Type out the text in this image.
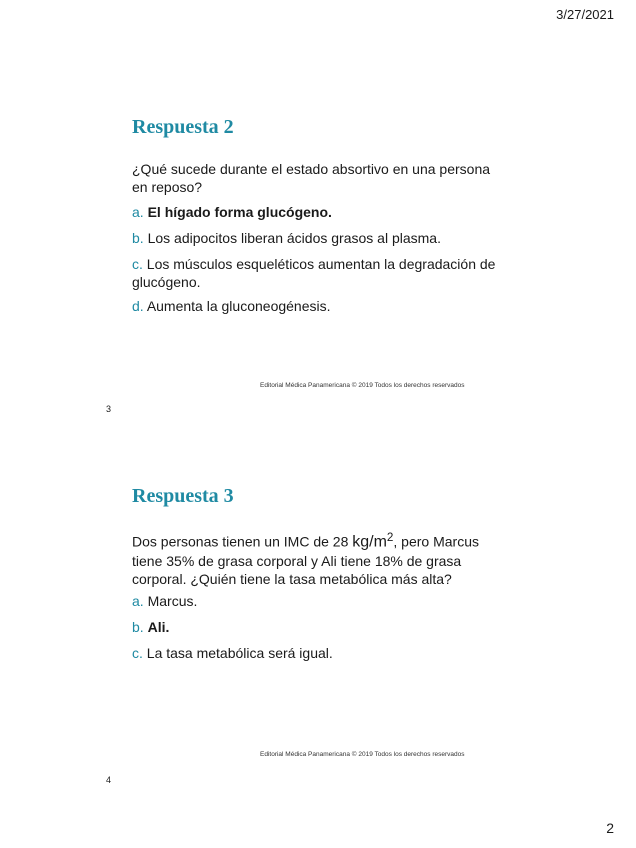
3/27/2021
Respuesta 2

¿Qué sucede durante el estado absortivo en una persona en reposo?

a. El hígado forma glucógeno.

b. Los adipocitos liberan ácidos grasos al plasma.

c. Los músculos esqueléticos aumentan la degradación de glucógeno.

d. Aumenta la gluconeogénesis.

Editorial Médica Panamericana © 2019 Todos los derechos reservados
3
Respuesta 3

Dos personas tienen un IMC de 28 $kg/m^2$, pero Marcus tiene 35% de grasa corporal y Ali tiene 18% de grasa corporal. ¿Quién tiene la tasa metabólica más alta?

a. Marcus.

b. Ali.

c. La tasa metabólica será igual.

Editorial Médica Panamericana © 2019 Todos los derechos reservados
4
2
